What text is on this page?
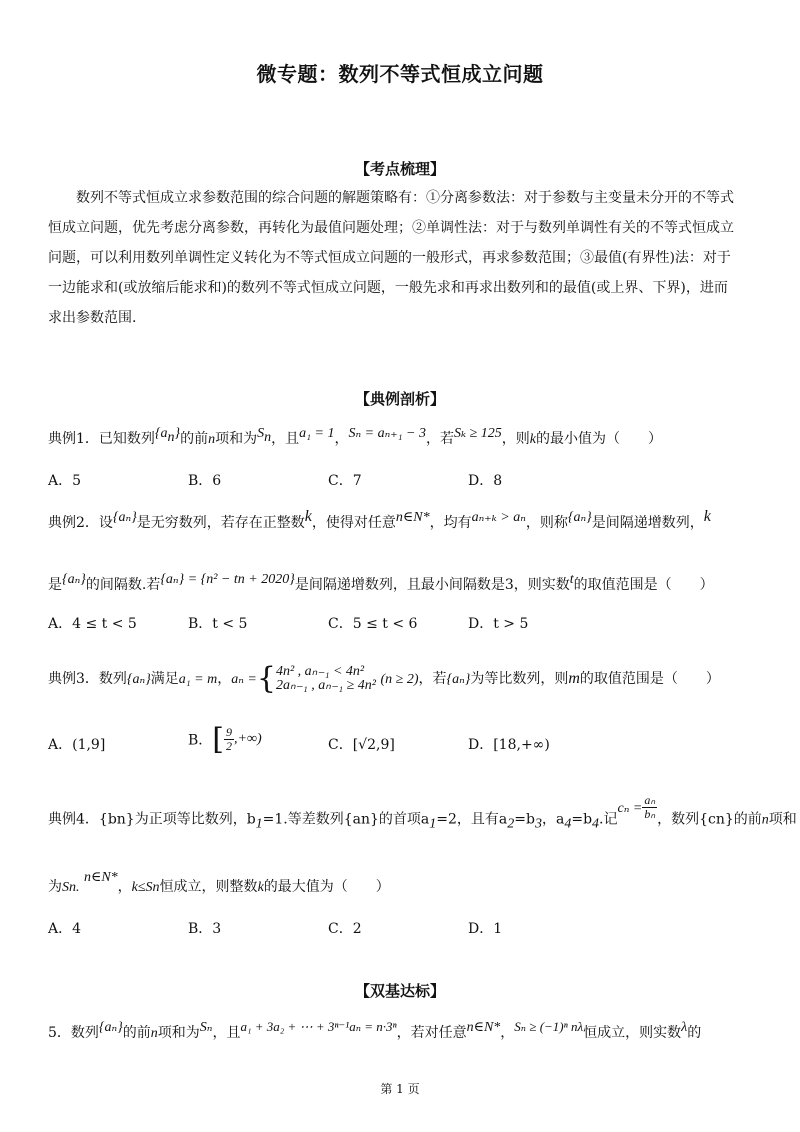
微专题：数列不等式恒成立问题
【考点梳理】
数列不等式恒成立求参数范围的综合问题的解题策略有：①分离参数法：对于参数与主变量未分开的不等式
恒成立问题，优先考虑分离参数，再转化为最值问题处理；②单调性法：对于与数列单调性有关的不等式恒成立
问题，可以利用数列单调性定义转化为不等式恒成立问题的一般形式，再求参数范围；③最值(有界性)法：对于
一边能求和(或放缩后能求和)的数列不等式恒成立问题，一般先求和再求出数列和的最值(或上界、下界)，进而
求出参数范围.
【典例剖析】
典例1．已知数列$\{a_n\}$的前n项和为$S_n$，且a₁ = 1，Sₙ = aₙ₊₁ − 3，若Sₖ ≥ 125，则k的最小值为（　　）
A．5	B．6	C．7	D．8
典例2．设{aₙ}是无穷数列，若存在正整数k，使得对任意n∈N*，均有aₙ₊ₖ > aₙ，则称{aₙ}是间隔递增数列，k
是{aₙ}的间隔数.若{aₙ} = {n² − tn + 2020}是间隔递增数列，且最小间隔数是3，则实数t的取值范围是（　　）
A．4 ≤ t < 5	B．t < 5	C．5 ≤ t < 6	D．t > 5
典例3．数列{aₙ}满足a₁ = m，aₙ ={4n² , aₙ₋₁ < 4n²
2aₙ₋₁ , aₙ₋₁ ≥ 4n² (n ≥ 2)，若{aₙ}为等比数列，则m的取值范围是（　　）
A．(1,9]	B．[ $\frac{9}{2}$ ,+∞)	C．[√2,9]	D．[18,+∞)
典例4．{bn}为正项等比数列，$b_1=1$.等差数列{an}的首项$a_1=2$，且有$a_2=b_3$，$a_4=b_4$.记$c_n = \frac{\text{aₙ}}{\text{bₙ}}$ ，数列{cn}的前n项和
为Sn. n∈N*，k≤Sn恒成立，则整数k的最大值为（　　）
A．4	B．3	C．2	D．1
【双基达标】
5．数列{aₙ}的前n项和为Sₙ，且a₁ + 3a₂ + ⋯ + 3ⁿ⁻¹aₙ = n·3ⁿ，若对任意n∈N*，Sₙ ≥ (−1)ⁿ nλ恒成立，则实数λ的
第 1 页
